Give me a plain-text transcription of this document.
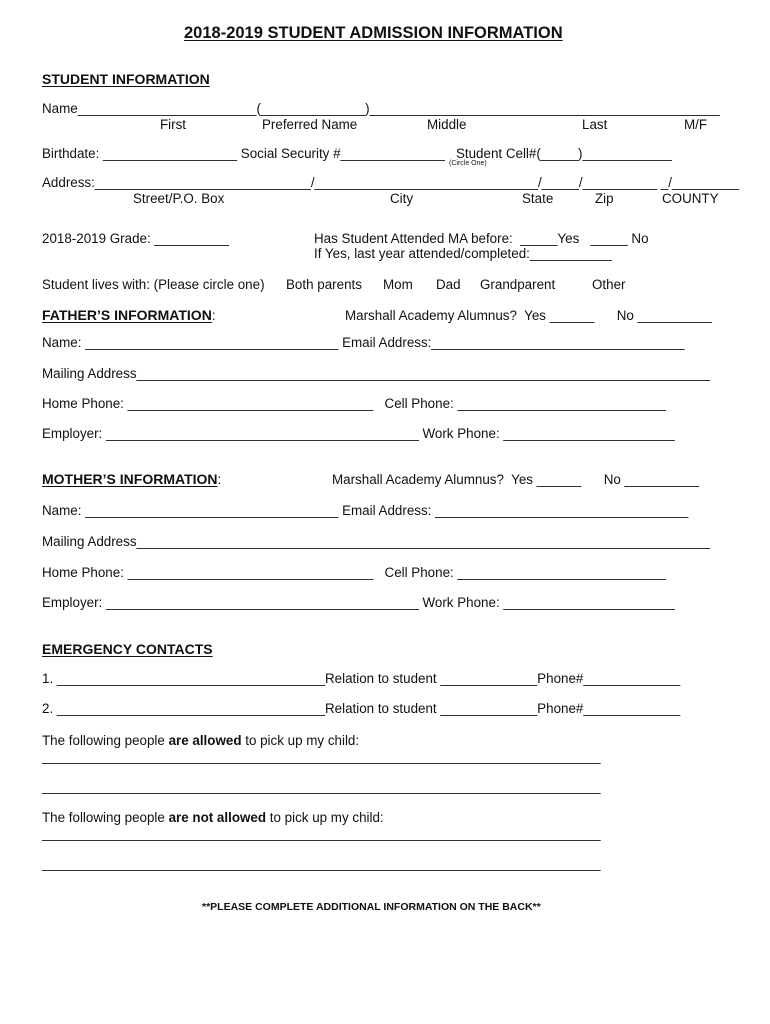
2018-2019 STUDENT ADMISSION INFORMATION
STUDENT INFORMATION
Name________________________(______________)_______________________________________________
First	Preferred Name	Middle	Last	M/F
Birthdate: __________________ Social Security #______________   Student Cell#(_____)____________
(Circle One)
Address:_____________________________/______________________________/_____/__________ _/_________
Street/P.O. Box	City	State	Zip	COUNTY
2018-2019 Grade: __________	Has Student Attended MA before:  _____Yes   _____ No
If Yes, last year attended/completed:___________
Student lives with: (Please circle one) Both parents Mom Dad Grandparent	Other
FATHER’S INFORMATION:	Marshall Academy Alumnus?  Yes ______      No __________
Name: __________________________________ Email Address:__________________________________
Mailing Address_____________________________________________________________________________
Home Phone: _________________________________   Cell Phone: ____________________________
Employer: __________________________________________ Work Phone: _______________________
MOTHER’S INFORMATION:	Marshall Academy Alumnus?  Yes ______      No __________
Name: __________________________________ Email Address: __________________________________
Mailing Address_____________________________________________________________________________
Home Phone: _________________________________   Cell Phone: ____________________________
Employer: __________________________________________ Work Phone: _______________________
EMERGENCY CONTACTS
1. ____________________________________Relation to student _____________Phone#_____________
2. ____________________________________Relation to student _____________Phone#_____________
The following people are allowed to pick up my child:
___________________________________________________________________________
___________________________________________________________________________
The following people are not allowed to pick up my child:
___________________________________________________________________________
___________________________________________________________________________
**PLEASE COMPLETE ADDITIONAL INFORMATION ON THE BACK**
